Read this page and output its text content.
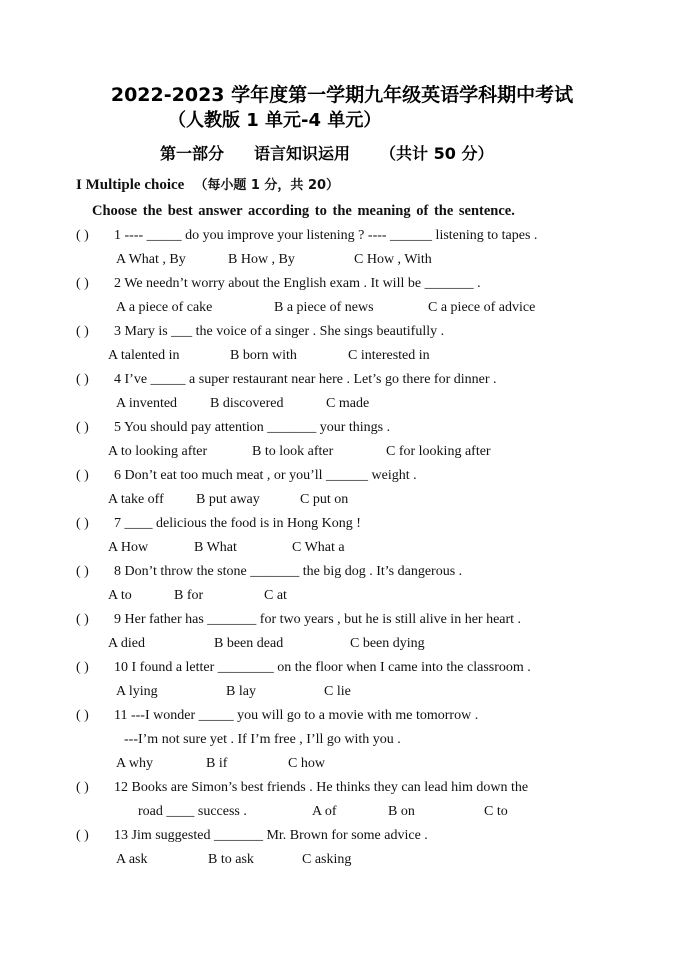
2022-2023 学年度第一学期九年级英语学科期中考试
（人教版 1 单元-4 单元）
第一部分 语言知识运用 （共计 50 分）
I Multiple choice （每小题 1 分，共 20）
Choose the best answer according to the meaning of the sentence.
( ) 1 ---- _____ do you improve your listening ? ---- ______ listening to tapes .
A What , By	B How , By	C How , With
( ) 2 We needn’t worry about the English exam . It will be _______ .
A a piece of cake	B a piece of news	C a piece of advice
( ) 3 Mary is ___ the voice of a singer . She sings beautifully .
A talented in	B born with	C interested in
( ) 4 I’ve _____ a super restaurant near here . Let’s go there for dinner .
A invented B discovered	C made
( ) 5 You should pay attention _______ your things .
A to looking after	B to look after	C for looking after
( ) 6 Don’t eat too much meat , or you’ll ______ weight .
A take off B put away	C put on
( ) 7 ____ delicious the food is in Hong Kong !
A How	B What	C What a
( ) 8 Don’t throw the stone _______ the big dog . It’s dangerous .
A to	B for	C at
( ) 9 Her father has _______ for two years , but he is still alive in her heart .
A died	B been dead	C been dying
( ) 10 I found a letter ________ on the floor when I came into the classroom .
A lying	B lay	C lie
( ) 11 ---I wonder _____ you will go to a movie with me tomorrow .
---I’m not sure yet . If I’m free , I’ll go with you .
A why	B if	C how
( ) 12 Books are Simon’s best friends . He thinks they can lead him down the
road ____ success .	A of	B on	C to
( ) 13 Jim suggested _______ Mr. Brown for some advice .
A ask	B to ask	C asking
